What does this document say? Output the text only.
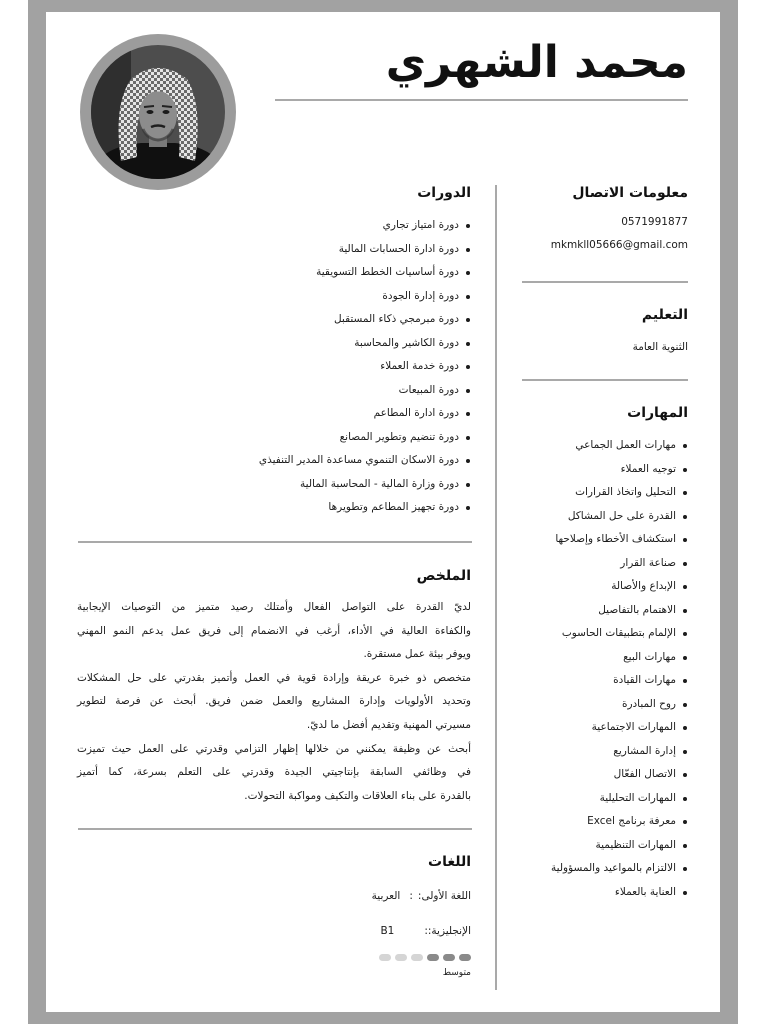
محمد الشهري
معلومات الاتصال
0571991877
mkmkll05666@gmail.com
التعليم
الثنوية العامة
المهارات
مهارات العمل الجماعي
توجيه العملاء
التحليل واتخاذ القرارات
القدرة على حل المشاكل
استكشاف الأخطاء وإصلاحها
صناعة القرار
الإبداع والأصالة
الاهتمام بالتفاصيل
الإلمام بتطبيقات الحاسوب
مهارات البيع
مهارات القيادة
روح المبادرة
المهارات الاجتماعية
إدارة المشاريع
الاتصال الفعّال
المهارات التحليلية
معرفة برنامج Excel
المهارات التنظيمية
الالتزام بالمواعيد والمسؤولية
العناية بالعملاء
الدورات
دورة امتياز تجاري
دورة ادارة الحسابات المالية
دورة أساسيات الخطط التسويقية
دورة إدارة الجودة
دورة مبرمجي ذكاء المستقبل
دورة الكاشير والمحاسبة
دورة خدمة العملاء
دورة المبيعات
دورة ادارة المطاعم
دورة تنضيم وتطوير المصانع
دورة الاسكان التنموي مساعدة المدير التنفيذي
دورة وزارة المالية - المحاسبة المالية
دورة تجهيز المطاعم وتطويرها
الملخص
لديّ القدرة على التواصل الفعال وأمتلك رصيد متميز من التوصيات الإيجابية
والكفاءة العالية في الأداء، أرغب في الانضمام إلى فريق عمل يدعم النمو المهني
ويوفر بيئة عمل مستقرة.
متخصص ذو خبرة عريقة وإرادة قوية في العمل وأتميز بقدرتي على حل المشكلات
وتحديد الأولويات وإدارة المشاريع والعمل ضمن فريق. أبحث عن فرصة لتطوير
مسيرتي المهنية وتقديم أفضل ما لديّ.
أبحث عن وظيفة يمكنني من خلالها إظهار التزامي وقدرتي على العمل حيث تميزت
في وظائفي السابقة بإنتاجيتي الجيدة وقدرتي على التعلم بسرعة، كما أتميز
بالقدرة على بناء العلاقات والتكيف ومواكبة التحولات.
اللغات
اللغة الأولى:
:
العربية
الإنجليزية::
B1
متوسط
